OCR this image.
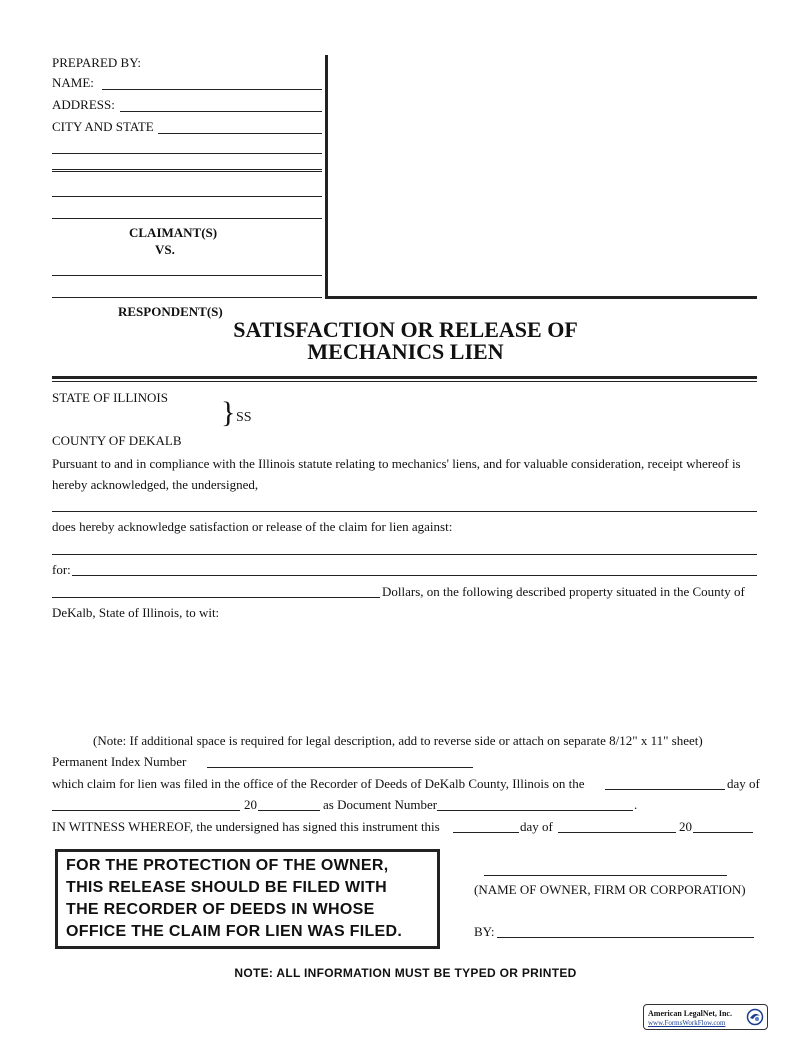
PREPARED BY:
NAME:
ADDRESS:
CITY AND STATE
CLAIMANT(S)
VS.
RESPONDENT(S)
SATISFACTION OR RELEASE OF
MECHANICS LIEN
STATE OF ILLINOIS } SS
COUNTY OF DEKALB
Pursuant to and in compliance with the Illinois statute relating to mechanics' liens, and for valuable consideration, receipt whereof is
hereby acknowledged, the undersigned,
does hereby acknowledge satisfaction or release of the claim for lien against:
for:
Dollars, on the following described property situated in the County of
DeKalb, State of Illinois, to wit:
(Note: If additional space is required for legal description, add to reverse side or attach on separate 8/12" x 11" sheet)
Permanent Index Number
which claim for lien was filed in the office of the Recorder of Deeds of DeKalb County, Illinois on the	day of
20	as Document Number	.
IN WITNESS WHEREOF, the undersigned has signed this instrument this	day of	20
FOR THE PROTECTION OF THE OWNER,
THIS RELEASE SHOULD BE FILED WITH
THE RECORDER OF DEEDS IN WHOSE
OFFICE THE CLAIM FOR LIEN WAS FILED.
(NAME OF OWNER, FIRM OR CORPORATION)
BY:
NOTE: ALL INFORMATION MUST BE TYPED OR PRINTED
American LegalNet, Inc.
www.FormsWorkFlow.com
